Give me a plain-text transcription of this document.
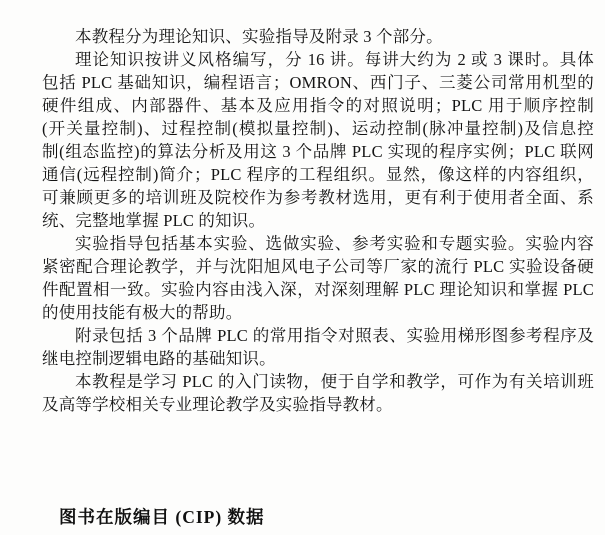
本教程分为理论知识、实验指导及附录 3 个部分。
理论知识按讲义风格编写，分 16 讲。每讲大约为 2 或 3 课时。具体
包括 PLC 基础知识，编程语言；OMRON、西门子、三菱公司常用机型的
硬件组成、内部器件、基本及应用指令的对照说明；PLC 用于顺序控制
(开关量控制)、过程控制(模拟量控制)、运动控制(脉冲量控制)及信息控
制(组态监控)的算法分析及用这 3 个品牌 PLC 实现的程序实例；PLC 联网
通信(远程控制)简介；PLC 程序的工程组织。显然，像这样的内容组织，
可兼顾更多的培训班及院校作为参考教材选用，更有利于使用者全面、系
统、完整地掌握 PLC 的知识。
实验指导包括基本实验、选做实验、参考实验和专题实验。实验内容
紧密配合理论教学，并与沈阳旭风电子公司等厂家的流行 PLC 实验设备硬
件配置相一致。实验内容由浅入深，对深刻理解 PLC 理论知识和掌握 PLC
的使用技能有极大的帮助。
附录包括 3 个品牌 PLC 的常用指令对照表、实验用梯形图参考程序及
继电控制逻辑电路的基础知识。
本教程是学习 PLC 的入门读物，便于自学和教学，可作为有关培训班
及高等学校相关专业理论教学及实验指导教材。
图书在版编目 (CIP) 数据
